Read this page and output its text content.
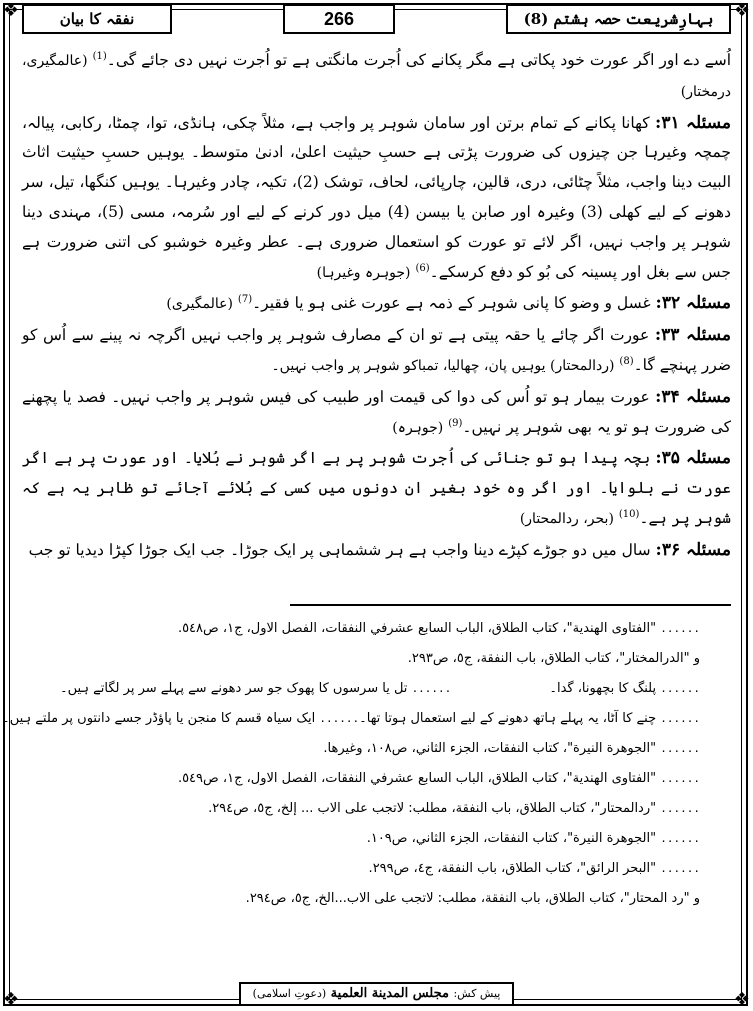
❖	❖
❖	❖
نفقہ کا بیان	266	بہارِشریعت حصہ ہشتم (8)

اُسے دے اور اگر عورت خود پکاتی ہے مگر پکانے کی اُجرت مانگتی ہے تو اُجرت نہیں دی جائے گی۔$^{(1)}$ (عالمگیری، درمختار)

مسئلہ ۳۱: کھانا پکانے کے تمام برتن اور سامان شوہر پر واجب ہے، مثلاً چکی، ہانڈی، توا، چمٹا، رکابی، پیالہ، چمچہ وغیرہا جن چیزوں کی ضرورت پڑتی ہے حسبِ حیثیت اعلیٰ، ادنیٰ متوسط۔ یوہیں حسبِ حیثیت اثاث البیت دینا واجب، مثلاً چٹائی، دری، قالین، چارپائی، لحاف، توشک (2)، تکیہ، چادر وغیرہا۔ یوہیں کنگھا، تیل، سر دھونے کے لیے کھلی (3) وغیرہ اور صابن یا بیسن (4) میل دور کرنے کے لیے اور سُرمہ، مسی (5)، مہندی دینا شوہر پر واجب نہیں، اگر لائے تو عورت کو استعمال ضروری ہے۔ عطر وغیرہ خوشبو کی اتنی ضرورت ہے جس سے بغل اور پسینہ کی بُو کو دفع کرسکے۔$^{(6)}$ (جوہرہ وغیرہا)

مسئلہ ۳۲: غسل و وضو کا پانی شوہر کے ذمہ ہے عورت غنی ہو یا فقیر۔$^{(7)}$ (عالمگیری)

مسئلہ ۳۳: عورت اگر چائے یا حقہ پیتی ہے تو ان کے مصارف شوہر پر واجب نہیں اگرچہ نہ پینے سے اُس کو ضرر پہنچے گا۔$^{(8)}$ (ردالمحتار) یوہیں پان، چھالیا، تمباکو شوہر پر واجب نہیں۔

مسئلہ ۳۴: عورت بیمار ہو تو اُس کی دوا کی قیمت اور طبیب کی فیس شوہر پر واجب نہیں۔ فصد یا پچھنے کی ضرورت ہو تو یہ بھی شوہر پر نہیں۔$^{(9)}$ (جوہرہ)

مسئلہ ۳۵: بچہ پیدا ہو تو جنائی کی اُجرت شوہر پر ہے اگر شوہر نے بُلایا۔ اور عورت پر ہے اگر عورت نے بلوایا۔ اور اگر وہ خود بغیر ان دونوں میں کسی کے بُلائے آجائے تو ظاہر یہ ہے کہ شوہر پر ہے۔$^{(10)}$ (بحر، ردالمحتار)

مسئلہ ۳۶: سال میں دو جوڑے کپڑے دینا واجب ہے ہر ششماہی پر ایک جوڑا۔ جب ایک جوڑا کپڑا دیدیا تو جب

...... "الفتاوى الهندية"، كتاب الطلاق، الباب السابع عشرفي النفقات، الفصل الاول، ج١، ص٥٤٨.
و "الدرالمختار"، كتاب الطلاق، باب النفقة، ج٥، ص٢٩٣.
...... پلنگ کا بچھونا، گدا۔
...... تل یا سرسوں کا پھوک جو سر دھونے سے پہلے سر پر لگاتے ہیں۔
...... چنے کا آٹا، یہ پہلے ہاتھ دھونے کے لیے استعمال ہوتا تھا۔
...... ایک سیاہ قسم کا منجن یا پاؤڈر جسے دانتوں پر ملتے ہیں۔
...... "الجوهرة النيرة"، كتاب النفقات، الجزء الثاني، ص١٠٨، وغيرها.
...... "الفتاوى الهندية"، كتاب الطلاق، الباب السابع عشرفي النفقات، الفصل الاول، ج١، ص٥٤٩.
...... "ردالمحتار"، كتاب الطلاق، باب النفقة، مطلب: لاتجب على الاب ... إلخ، ج٥، ص٢٩٤.
...... "الجوهرة النيرة"، كتاب النفقات، الجزء الثاني، ص١٠٩.
...... "البحر الرائق"، كتاب الطلاق، باب النفقة، ج٤، ص٢٩٩.
و "رد المحتار"، كتاب الطلاق، باب النفقة، مطلب: لاتجب على الاب...الخ، ج٥، ص٢٩٤.
پیش کش: مجلس المدينة العلمية (دعوتِ اسلامی)
